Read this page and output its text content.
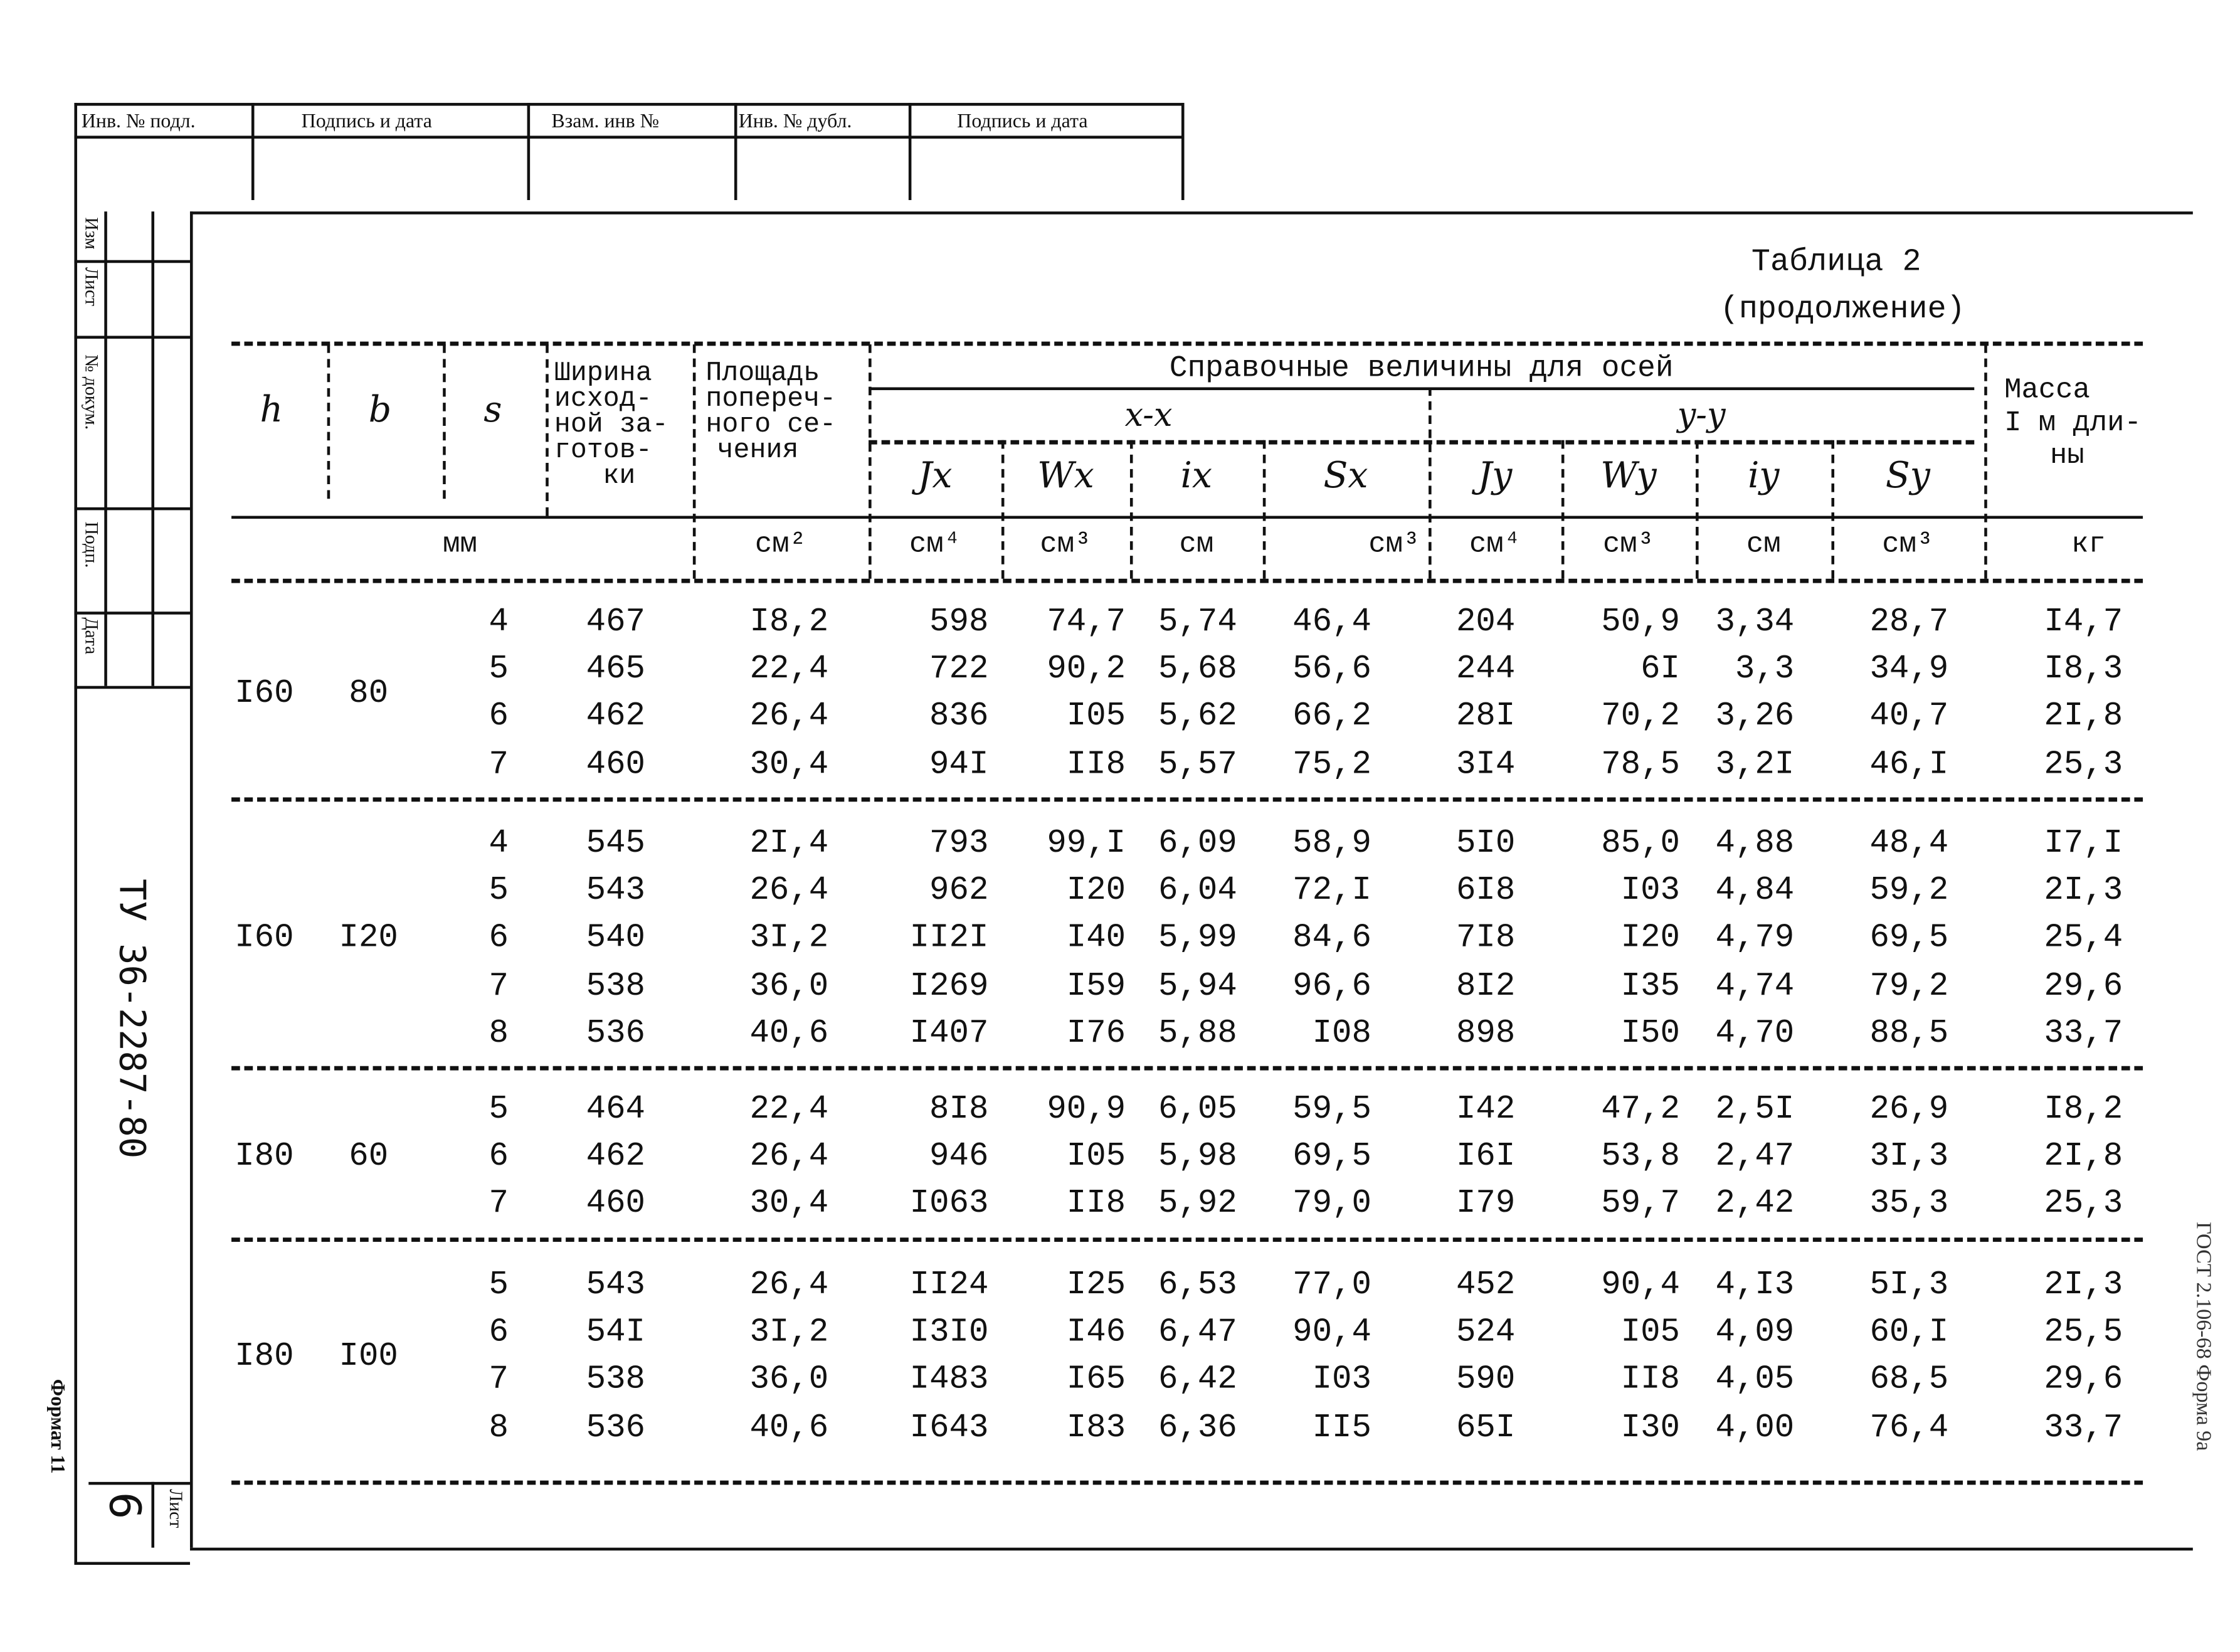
Инв. № подл.	Подпись и дата	Взам. инв №	Инв. № дубл.	Подпись и дата
Изм
Лист
№ докум.
Подп.
Дата
ТУ 36-2287-80
Формат 11	ГОСТ 2.106-68 Форма 9а
Лист
6
Таблица 2
(продолжение)
h	b	s
Ширина
исход-
ной за-
готов-
ки
Площадь
попереч-
ного се-
чения
Справочные величины для осей
x-x	y-y
Масса
I м дли-
ны
Jx	Wx	ix	Sx	Jy	Wy	iy	Sy
мм	см²	см⁴	см³	см	см³	см⁴	см³	см	см³	кг
I60	80
4	467	I8,2	598	74,7	5,74	46,4	204	50,9	3,34	28,7	I4,7
5	465	22,4	722	90,2	5,68	56,6	244	6I	3,3	34,9	I8,3
6	462	26,4	836	I05	5,62	66,2	28I	70,2	3,26	40,7	2I,8
7	460	30,4	94I	II8	5,57	75,2	3I4	78,5	3,2I	46,I	25,3
I60	I20
4	545	2I,4	793	99,I	6,09	58,9	5I0	85,0	4,88	48,4	I7,I
5	543	26,4	962	I20	6,04	72,I	6I8	I03	4,84	59,2	2I,3
6	540	3I,2	II2I	I40	5,99	84,6	7I8	I20	4,79	69,5	25,4
7	538	36,0	I269	I59	5,94	96,6	8I2	I35	4,74	79,2	29,6
8	536	40,6	I407	I76	5,88	I08	898	I50	4,70	88,5	33,7
I80	60
5	464	22,4	8I8	90,9	6,05	59,5	I42	47,2	2,5I	26,9	I8,2
6	462	26,4	946	I05	5,98	69,5	I6I	53,8	2,47	3I,3	2I,8
7	460	30,4	I063	II8	5,92	79,0	I79	59,7	2,42	35,3	25,3
I80	I00
5	543	26,4	II24	I25	6,53	77,0	452	90,4	4,I3	5I,3	2I,3
6	54I	3I,2	I3I0	I46	6,47	90,4	524	I05	4,09	60,I	25,5
7	538	36,0	I483	I65	6,42	I03	590	II8	4,05	68,5	29,6
8	536	40,6	I643	I83	6,36	II5	65I	I30	4,00	76,4	33,7
